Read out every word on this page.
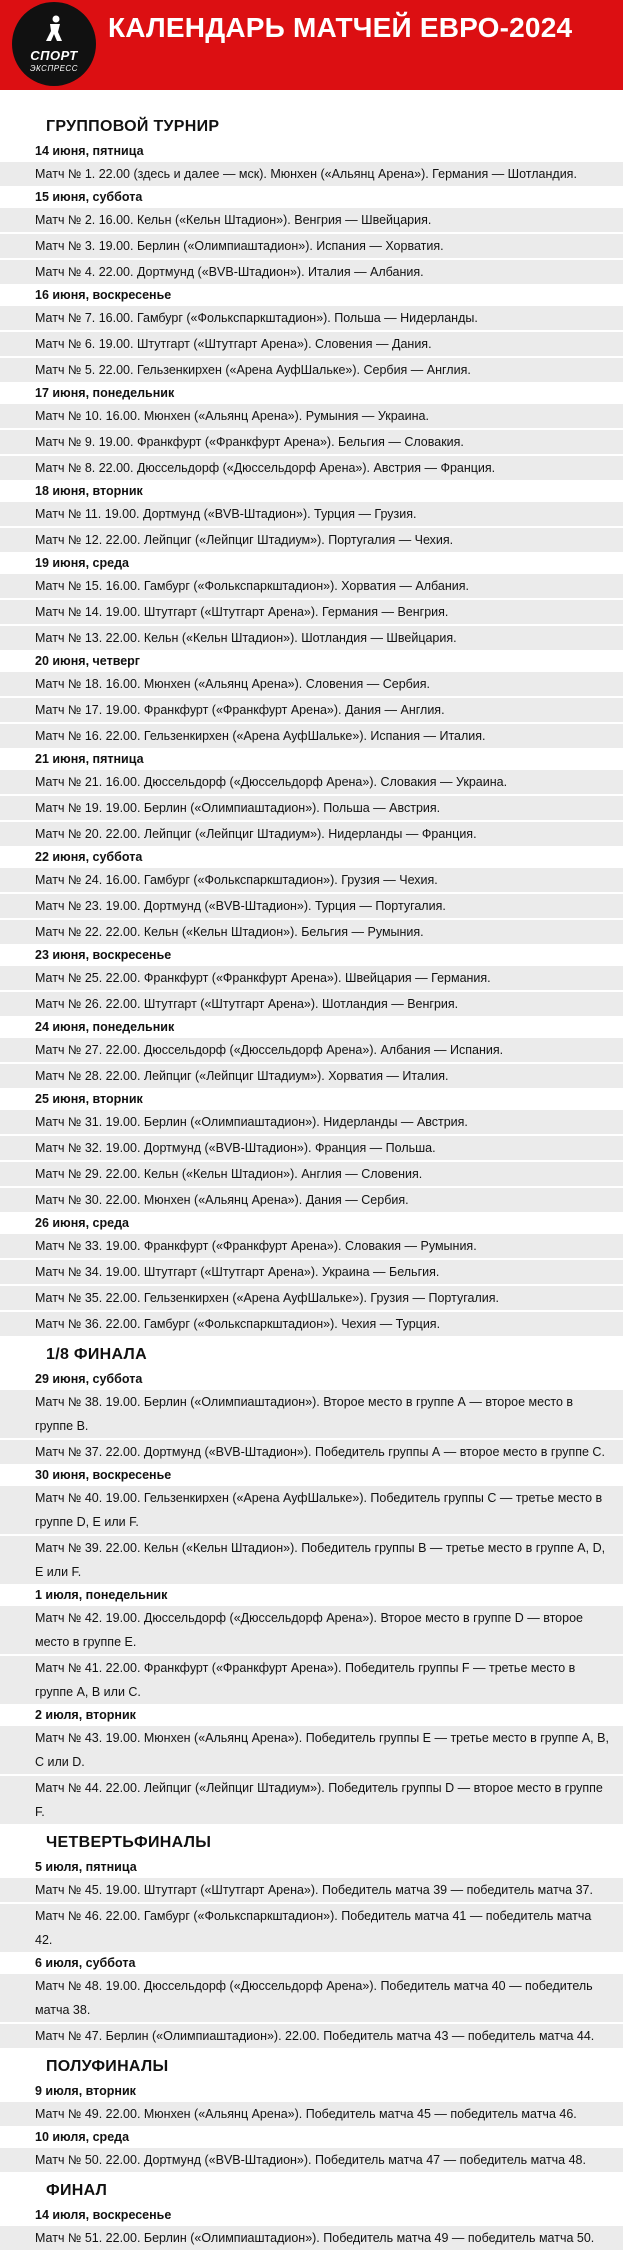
СПОРТ
ЭКСПРЕСС
КАЛЕНДАРЬ МАТЧЕЙ ЕВРО-2024
ГРУППОВОЙ ТУРНИР
14 июня, пятница
Матч № 1. 22.00 (здесь и далее — мск). Мюнхен («Альянц Арена»). Германия — Шотландия.
15 июня, суббота
Матч № 2. 16.00. Кельн («Кельн Штадион»). Венгрия — Швейцария.
Матч № 3. 19.00. Берлин («Олимпиаштадион»). Испания — Хорватия.
Матч № 4. 22.00. Дортмунд («BVB-Штадион»). Италия — Албания.
16 июня, воскресенье
Матч № 7. 16.00. Гамбург («Фолькспаркштадион»). Польша — Нидерланды.
Матч № 6. 19.00. Штутгарт («Штутгарт Арена»). Словения — Дания.
Матч № 5. 22.00. Гельзенкирхен («Арена АуфШальке»). Сербия — Англия.
17 июня, понедельник
Матч № 10. 16.00. Мюнхен («Альянц Арена»). Румыния — Украина.
Матч № 9. 19.00. Франкфурт («Франкфурт Арена»). Бельгия — Словакия.
Матч № 8. 22.00. Дюссельдорф («Дюссельдорф Арена»). Австрия — Франция.
18 июня, вторник
Матч № 11. 19.00. Дортмунд («BVB-Штадион»). Турция — Грузия.
Матч № 12. 22.00. Лейпциг («Лейпциг Штадиум»). Португалия — Чехия.
19 июня, среда
Матч № 15. 16.00. Гамбург («Фолькспаркштадион»). Хорватия — Албания.
Матч № 14. 19.00. Штутгарт («Штутгарт Арена»). Германия — Венгрия.
Матч № 13. 22.00. Кельн («Кельн Штадион»). Шотландия — Швейцария.
20 июня, четверг
Матч № 18. 16.00. Мюнхен («Альянц Арена»). Словения — Сербия.
Матч № 17. 19.00. Франкфурт («Франкфурт Арена»). Дания — Англия.
Матч № 16. 22.00. Гельзенкирхен («Арена АуфШальке»). Испания — Италия.
21 июня, пятница
Матч № 21. 16.00. Дюссельдорф («Дюссельдорф Арена»). Словакия — Украина.
Матч № 19. 19.00. Берлин («Олимпиаштадион»). Польша — Австрия.
Матч № 20. 22.00. Лейпциг («Лейпциг Штадиум»). Нидерланды — Франция.
22 июня, суббота
Матч № 24. 16.00. Гамбург («Фолькспаркштадион»). Грузия — Чехия.
Матч № 23. 19.00. Дортмунд («BVB-Штадион»). Турция — Португалия.
Матч № 22. 22.00. Кельн («Кельн Штадион»). Бельгия — Румыния.
23 июня, воскресенье
Матч № 25. 22.00. Франкфурт («Франкфурт Арена»). Швейцария — Германия.
Матч № 26. 22.00. Штутгарт («Штутгарт Арена»). Шотландия — Венгрия.
24 июня, понедельник
Матч № 27. 22.00. Дюссельдорф («Дюссельдорф Арена»). Албания — Испания.
Матч № 28. 22.00. Лейпциг («Лейпциг Штадиум»). Хорватия — Италия.
25 июня, вторник
Матч № 31. 19.00. Берлин («Олимпиаштадион»). Нидерланды — Австрия.
Матч № 32. 19.00. Дортмунд («BVB-Штадион»). Франция — Польша.
Матч № 29. 22.00. Кельн («Кельн Штадион»). Англия — Словения.
Матч № 30. 22.00. Мюнхен («Альянц Арена»). Дания — Сербия.
26 июня, среда
Матч № 33. 19.00. Франкфурт («Франкфурт Арена»). Словакия — Румыния.
Матч № 34. 19.00. Штутгарт («Штутгарт Арена»). Украина — Бельгия.
Матч № 35. 22.00. Гельзенкирхен («Арена АуфШальке»). Грузия — Португалия.
Матч № 36. 22.00. Гамбург («Фолькспаркштадион»). Чехия — Турция.
1/8 ФИНАЛА
29 июня, суббота
Матч № 38. 19.00. Берлин («Олимпиаштадион»). Второе место в группе А — второе место в группе В.
Матч № 37. 22.00. Дортмунд («BVB-Штадион»). Победитель группы А — второе место в группе С.
30 июня, воскресенье
Матч № 40. 19.00. Гельзенкирхен («Арена АуфШальке»). Победитель группы С — третье место в группе D, E или F.
Матч № 39. 22.00. Кельн («Кельн Штадион»). Победитель группы В — третье место в группе A, D, E или F.
1 июля, понедельник
Матч № 42. 19.00. Дюссельдорф («Дюссельдорф Арена»). Второе место в группе D — второе место в группе E.
Матч № 41. 22.00. Франкфурт («Франкфурт Арена»). Победитель группы F — третье место в группе A, B или C.
2 июля, вторник
Матч № 43. 19.00. Мюнхен («Альянц Арена»). Победитель группы Е — третье место в группе А, В, С или D.
Матч № 44. 22.00. Лейпциг («Лейпциг Штадиум»). Победитель группы D — второе место в группе F.
ЧЕТВЕРТЬФИНАЛЫ
5 июля, пятница
Матч № 45. 19.00. Штутгарт («Штутгарт Арена»). Победитель матча 39 — победитель матча 37.
Матч № 46. 22.00. Гамбург («Фолькспаркштадион»). Победитель матча 41 — победитель матча 42.
6 июля, суббота
Матч № 48. 19.00. Дюссельдорф («Дюссельдорф Арена»). Победитель матча 40 — победитель матча 38.
Матч № 47. Берлин («Олимпиаштадион»). 22.00. Победитель матча 43 — победитель матча 44.
ПОЛУФИНАЛЫ
9 июля, вторник
Матч № 49. 22.00. Мюнхен («Альянц Арена»). Победитель матча 45 — победитель матча 46.
10 июля, среда
Матч № 50. 22.00. Дортмунд («BVB-Штадион»). Победитель матча 47 — победитель матча 48.
ФИНАЛ
14 июля, воскресенье
Матч № 51. 22.00. Берлин («Олимпиаштадион»). Победитель матча 49 — победитель матча 50.
